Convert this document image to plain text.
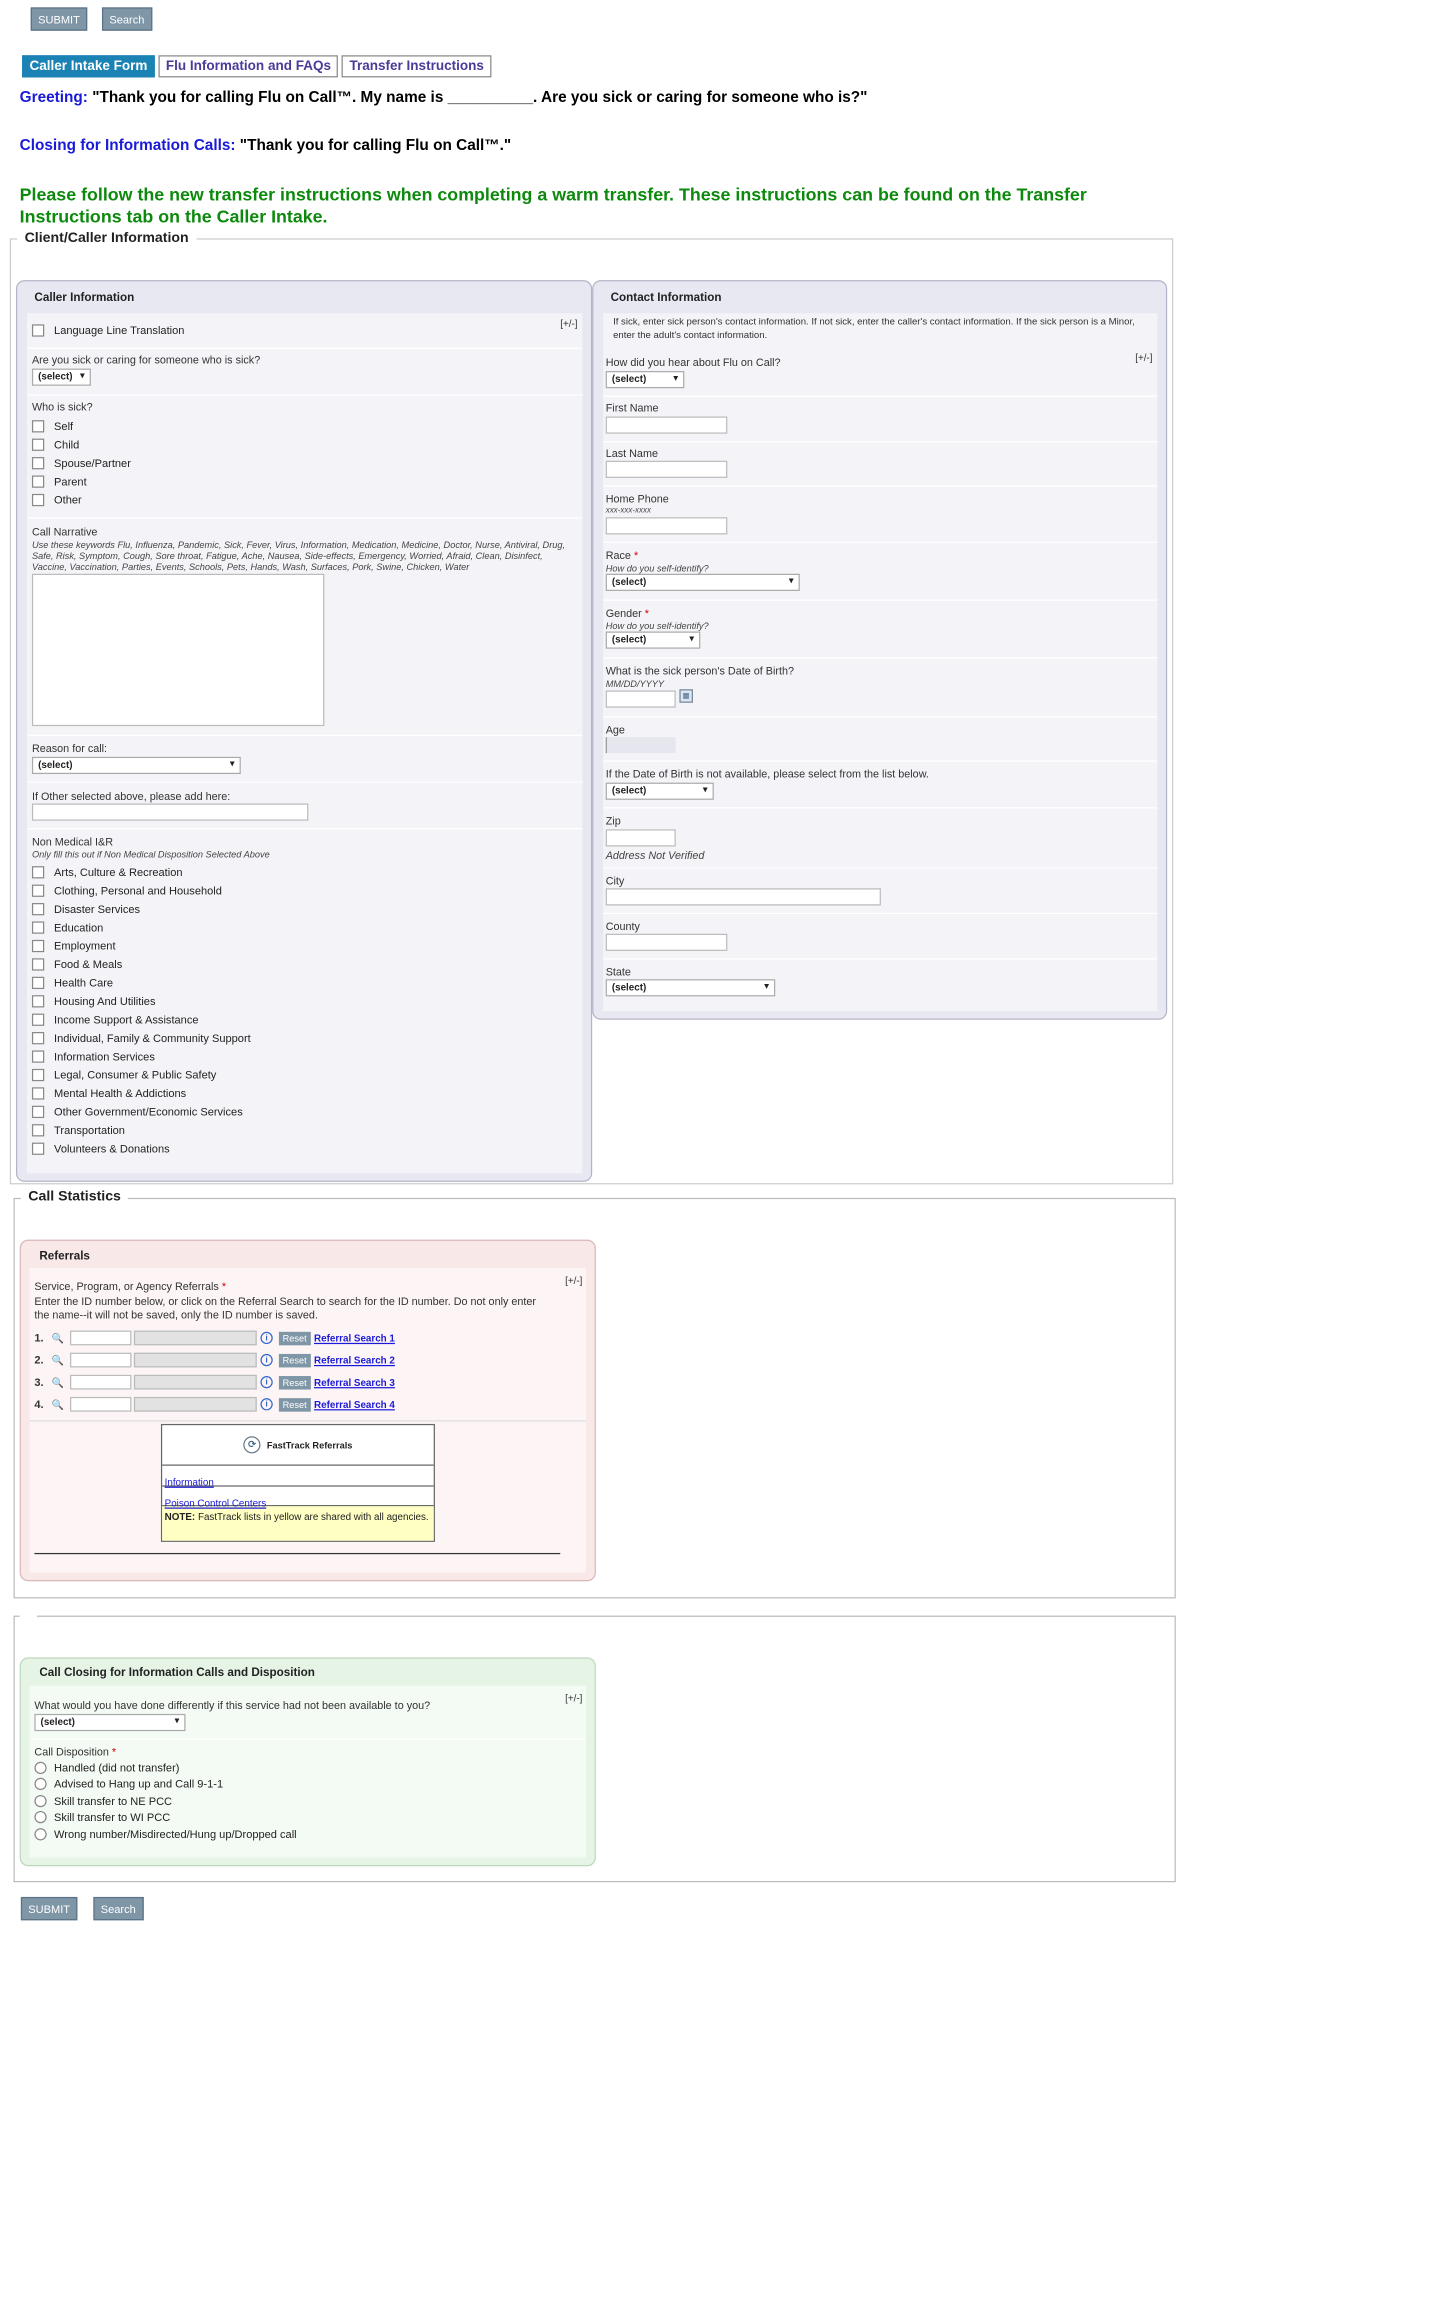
SUBMIT	Search
Caller Intake Form	Flu Information and FAQs	Transfer Instructions
Greeting: "Thank you for calling Flu on Call™. My name is __________. Are you sick or caring for someone who is?"
Closing for Information Calls: "Thank you for calling Flu on Call™."
Please follow the new transfer instructions when completing a warm transfer. These instructions can be found on the Transfer Instructions tab on the Caller Intake.
Client/Caller Information
Caller Information
[+/-]
Language Line Translation
Are you sick or caring for someone who is sick?
(select) ▾
Who is sick?
Self
Child
Spouse/Partner
Parent
Other
Call Narrative
Use these keywords Flu, Influenza, Pandemic, Sick, Fever, Virus, Information, Medication, Medicine, Doctor, Nurse, Antiviral, Drug, Safe, Risk, Symptom, Cough, Sore throat, Fatigue, Ache, Nausea, Side-effects, Emergency, Worried, Afraid, Clean, Disinfect, Vaccine, Vaccination, Parties, Events, Schools, Pets, Hands, Wash, Surfaces, Pork, Swine, Chicken, Water
Reason for call:
(select) ▾
If Other selected above, please add here:
Non Medical I&R
Only fill this out if Non Medical Disposition Selected Above
Arts, Culture & Recreation
Clothing, Personal and Household
Disaster Services
Education
Employment
Food & Meals
Health Care
Housing And Utilities
Income Support & Assistance
Individual, Family & Community Support
Information Services
Legal, Consumer & Public Safety
Mental Health & Addictions
Other Government/Economic Services
Transportation
Volunteers & Donations
Contact Information
If sick, enter sick person's contact information. If not sick, enter the caller's contact information. If the sick person is a Minor, enter the adult's contact information.
[+/-]
How did you hear about Flu on Call?
(select) ▾
First Name
Last Name
Home Phone
xxx-xxx-xxxx
Race *
How do you self-identify?
(select) ▾
Gender *
How do you self-identify?
(select) ▾
What is the sick person's Date of Birth?
MM/DD/YYYY
▦
Age
If the Date of Birth is not available, please select from the list below.
(select) ▾
Zip
Address Not Verified
City
County
State
(select) ▾
Call Statistics
Referrals
[+/-]
Service, Program, or Agency Referrals *
Enter the ID number below, or click on the Referral Search to search for the ID number. Do not only enter the name--it will not be saved, only the ID number is saved.
1. 🔍	i	Reset Referral Search 1
2. 🔍	i	Reset Referral Search 2
3. 🔍	i	Reset Referral Search 3
4. 🔍	i	Reset Referral Search 4
⟳	FastTrack Referrals
Information
Poison Control Centers
NOTE: FastTrack lists in yellow are shared with all agencies.
Call Closing for Information Calls and Disposition
[+/-]
What would you have done differently if this service had not been available to you?
(select) ▾
Call Disposition *
Handled (did not transfer)
Advised to Hang up and Call 9-1-1
Skill transfer to NE PCC
Skill transfer to WI PCC
Wrong number/Misdirected/Hung up/Dropped call
SUBMIT	Search
